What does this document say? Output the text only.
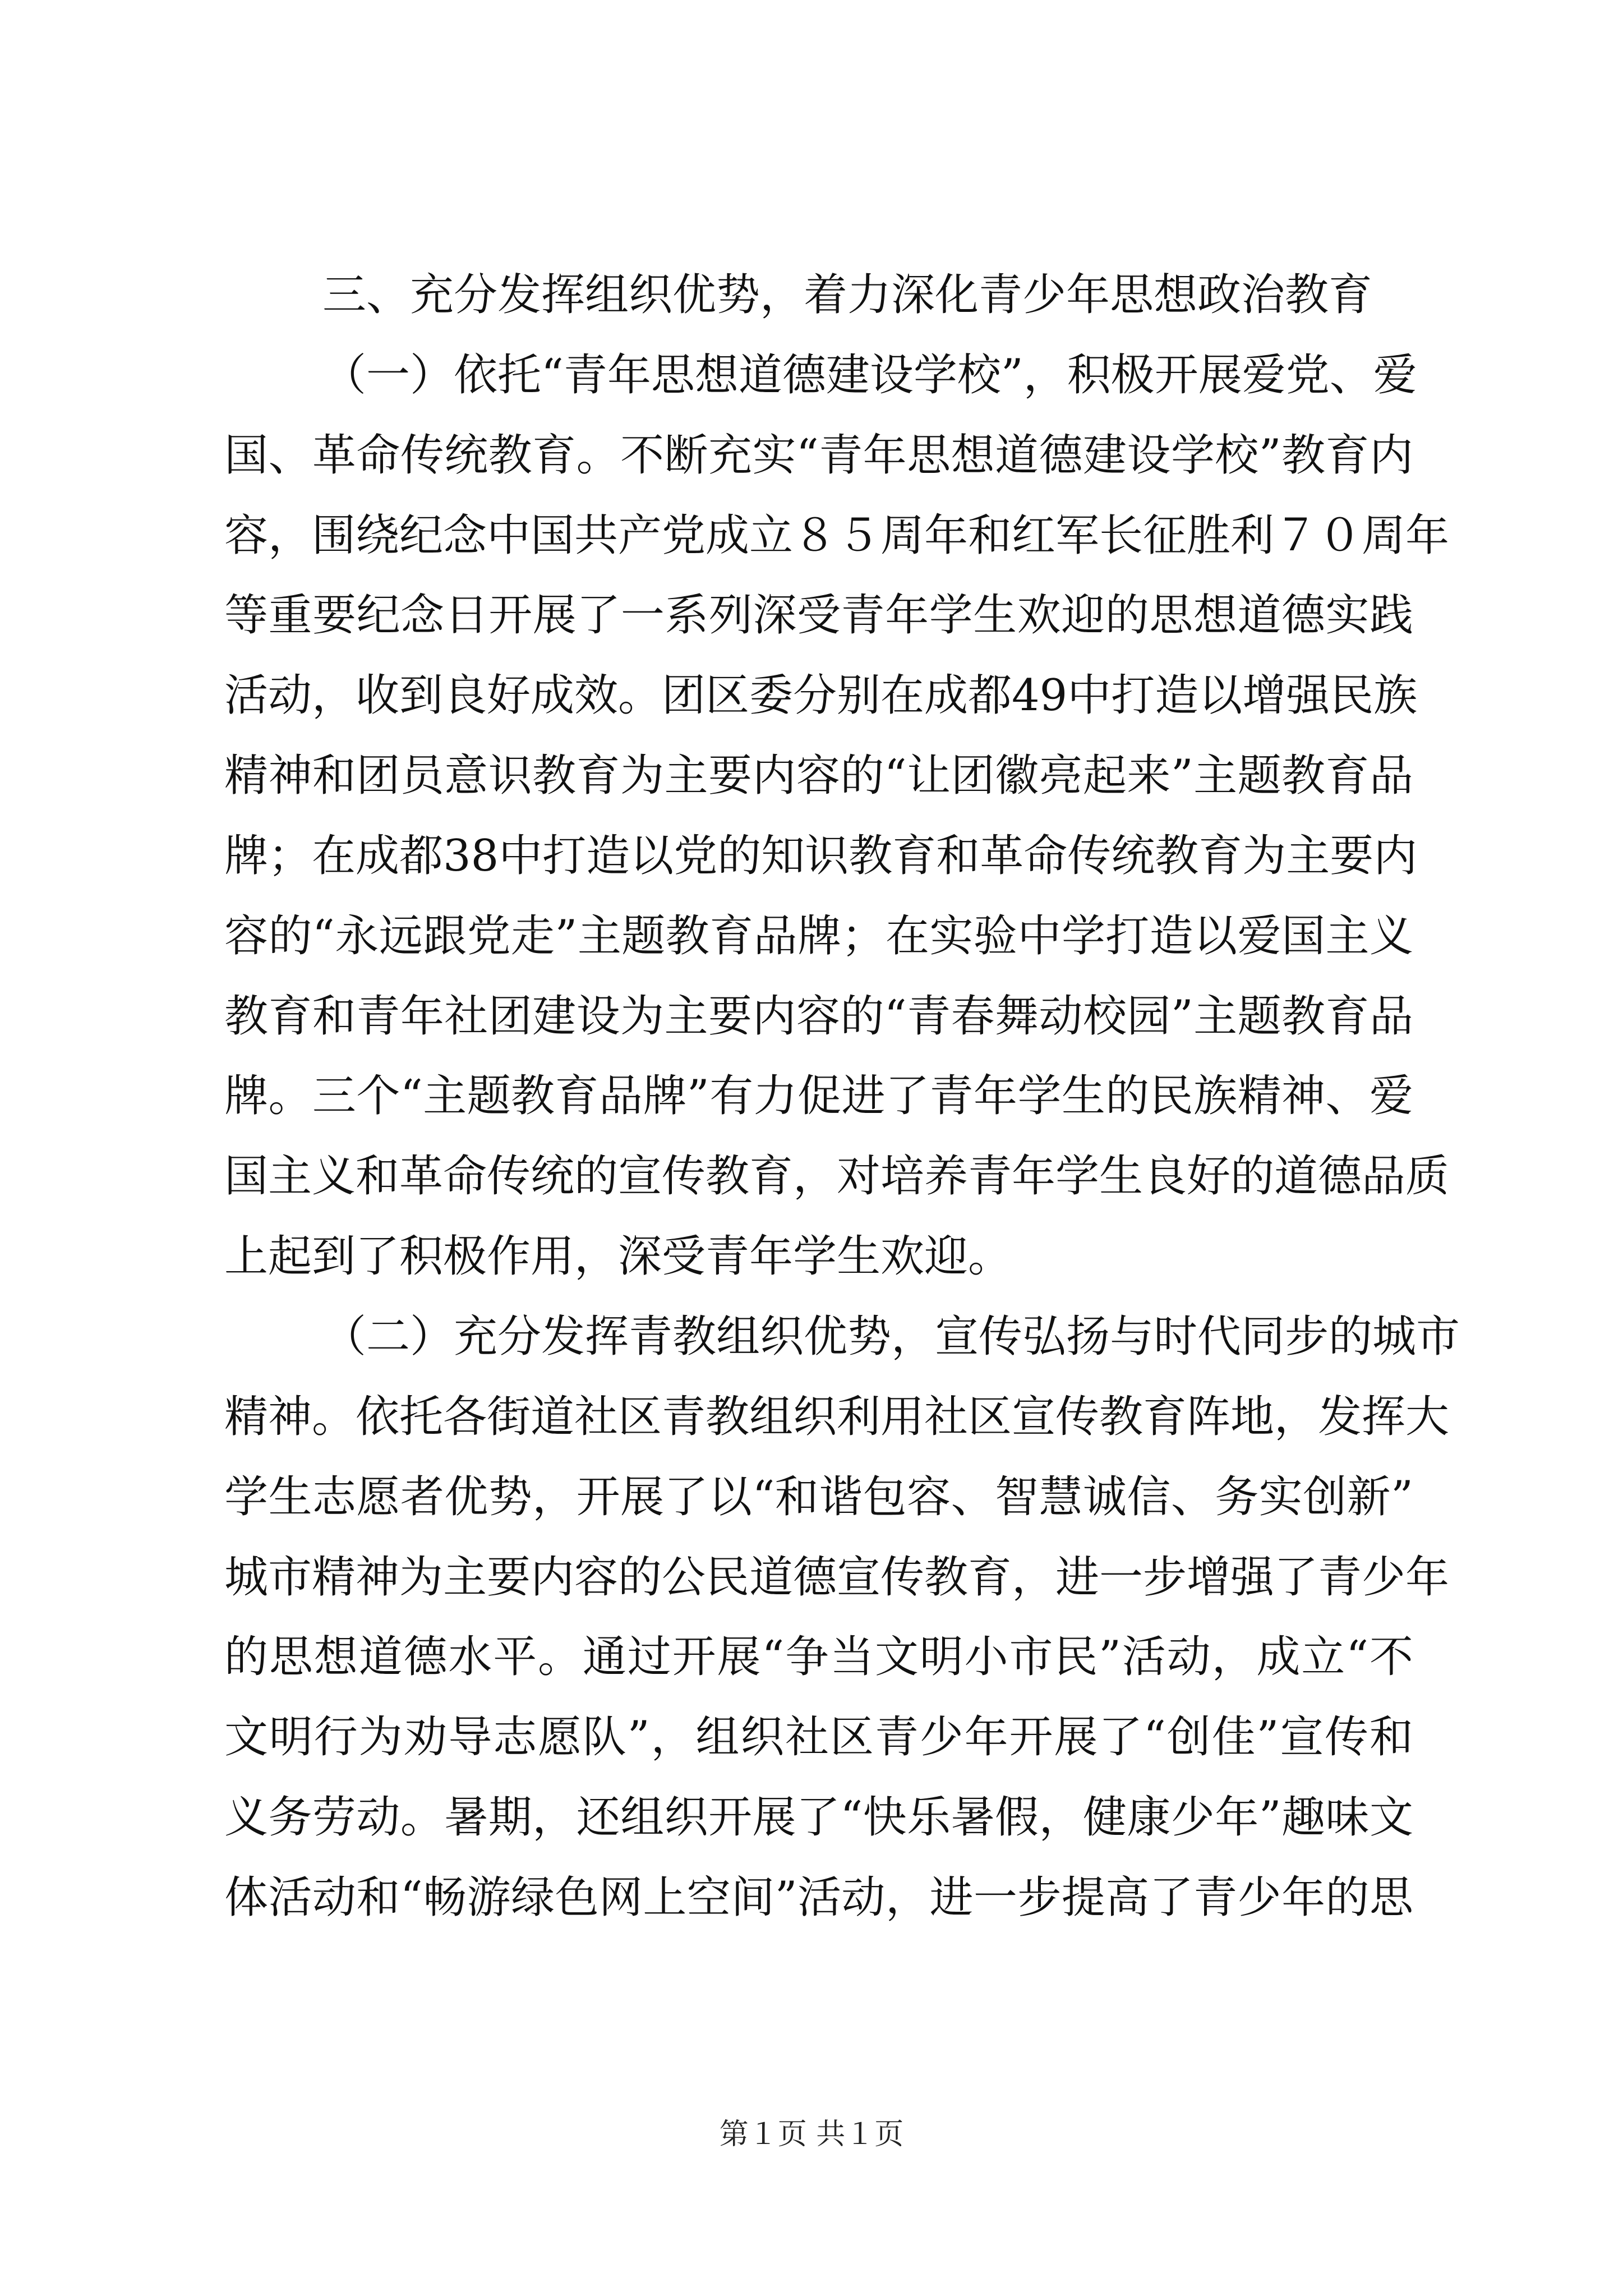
三、充分发挥组织优势，着力深化青少年思想政治教育
（一）依托“青年思想道德建设学校”，积极开展爱党、爱
国、革命传统教育。不断充实“青年思想道德建设学校”教育内
容，围绕纪念中国共产党成立８５周年和红军长征胜利７０周年
等重要纪念日开展了一系列深受青年学生欢迎的思想道德实践
活动，收到良好成效。团区委分别在成都49中打造以增强民族
精神和团员意识教育为主要内容的“让团徽亮起来”主题教育品
牌；在成都38中打造以党的知识教育和革命传统教育为主要内
容的“永远跟党走”主题教育品牌；在实验中学打造以爱国主义
教育和青年社团建设为主要内容的“青春舞动校园”主题教育品
牌。三个“主题教育品牌”有力促进了青年学生的民族精神、爱
国主义和革命传统的宣传教育，对培养青年学生良好的道德品质
上起到了积极作用，深受青年学生欢迎。
（二）充分发挥青教组织优势，宣传弘扬与时代同步的城市
精神。依托各街道社区青教组织利用社区宣传教育阵地，发挥大
学生志愿者优势，开展了以“和谐包容、智慧诚信、务实创新”
城市精神为主要内容的公民道德宣传教育，进一步增强了青少年
的思想道德水平。通过开展“争当文明小市民”活动，成立“不
文明行为劝导志愿队”，组织社区青少年开展了“创佳”宣传和
义务劳动。暑期，还组织开展了“快乐暑假，健康少年”趣味文
体活动和“畅游绿色网上空间”活动，进一步提高了青少年的思
第１页 共１页
